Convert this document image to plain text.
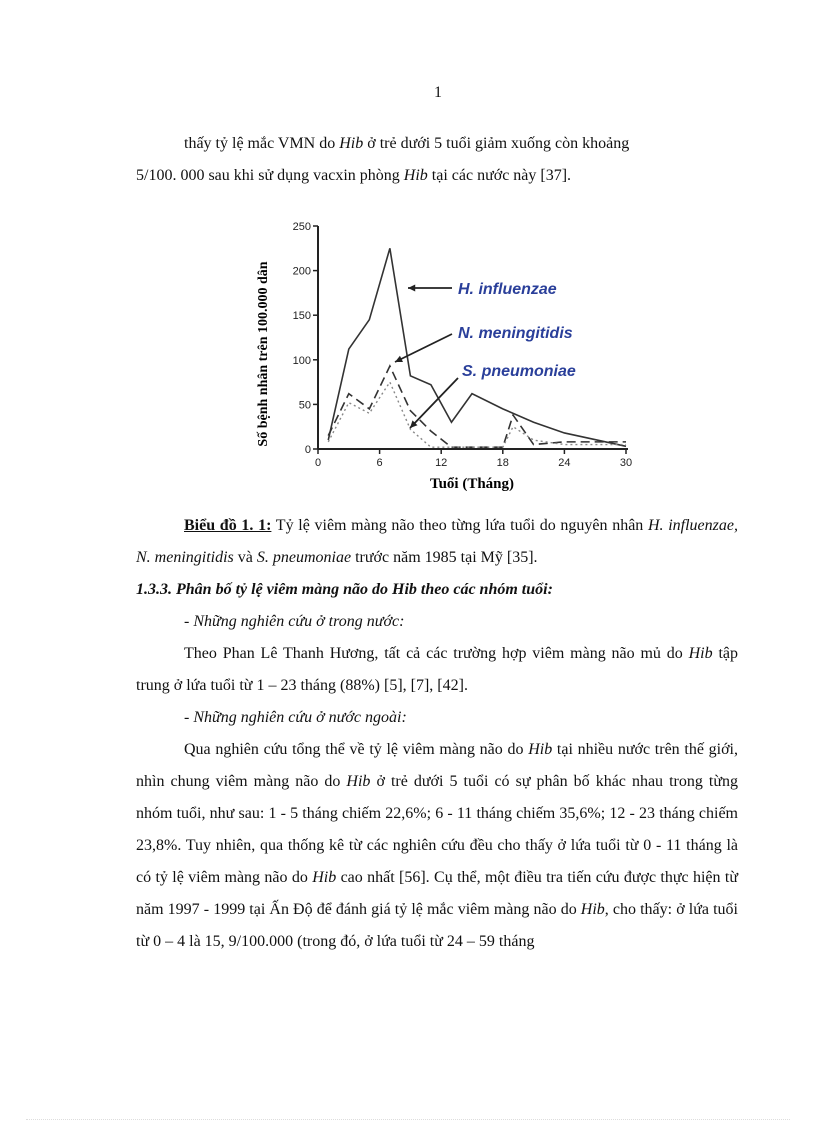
1
thấy tỷ lệ mắc VMN do Hib ở trẻ dưới 5 tuổi giảm xuống còn khoảng
5/100. 000 sau khi sử dụng vacxin phòng Hib tại các nước này [37].
0
50
100
150
200
250
0	6	12	18	24	30
H. influenzae
N. meningitidis
S. pneumoniae
Số bệnh nhân trên 100.000 dân
Tuổi (Tháng)
Biểu đồ 1. 1: Tỷ lệ viêm màng não theo từng lứa tuổi do nguyên nhân H. influenzae, N. meningitidis và S. pneumoniae trước năm 1985 tại Mỹ [35].
1.3.3. Phân bố tỷ lệ viêm màng não do Hib theo các nhóm tuổi:
- Những nghiên cứu ở trong nước:
Theo Phan Lê Thanh Hương, tất cả các trường hợp viêm màng não mủ do Hib tập trung ở lứa tuổi từ 1 – 23 tháng (88%) [5], [7], [42].
- Những nghiên cứu ở nước ngoài:
Qua nghiên cứu tổng thể về tỷ lệ viêm màng não do Hib tại nhiều nước trên thế giới, nhìn chung viêm màng não do Hib ở trẻ dưới 5 tuổi có sự phân bố khác nhau trong từng nhóm tuổi, như sau: 1 - 5 tháng chiếm 22,6%; 6 - 11 tháng chiếm 35,6%; 12 - 23 tháng chiếm 23,8%. Tuy nhiên, qua thống kê từ các nghiên cứu đều cho thấy ở lứa tuổi từ 0 - 11 tháng là có tỷ lệ viêm màng não do Hib cao nhất [56]. Cụ thể, một điều tra tiến cứu được thực hiện từ năm 1997 - 1999 tại Ấn Độ để đánh giá tỷ lệ mắc viêm màng não do Hib, cho thấy: ở lứa tuổi từ 0 – 4 là 15, 9/100.000 (trong đó, ở lứa tuổi từ 24 – 59 tháng
